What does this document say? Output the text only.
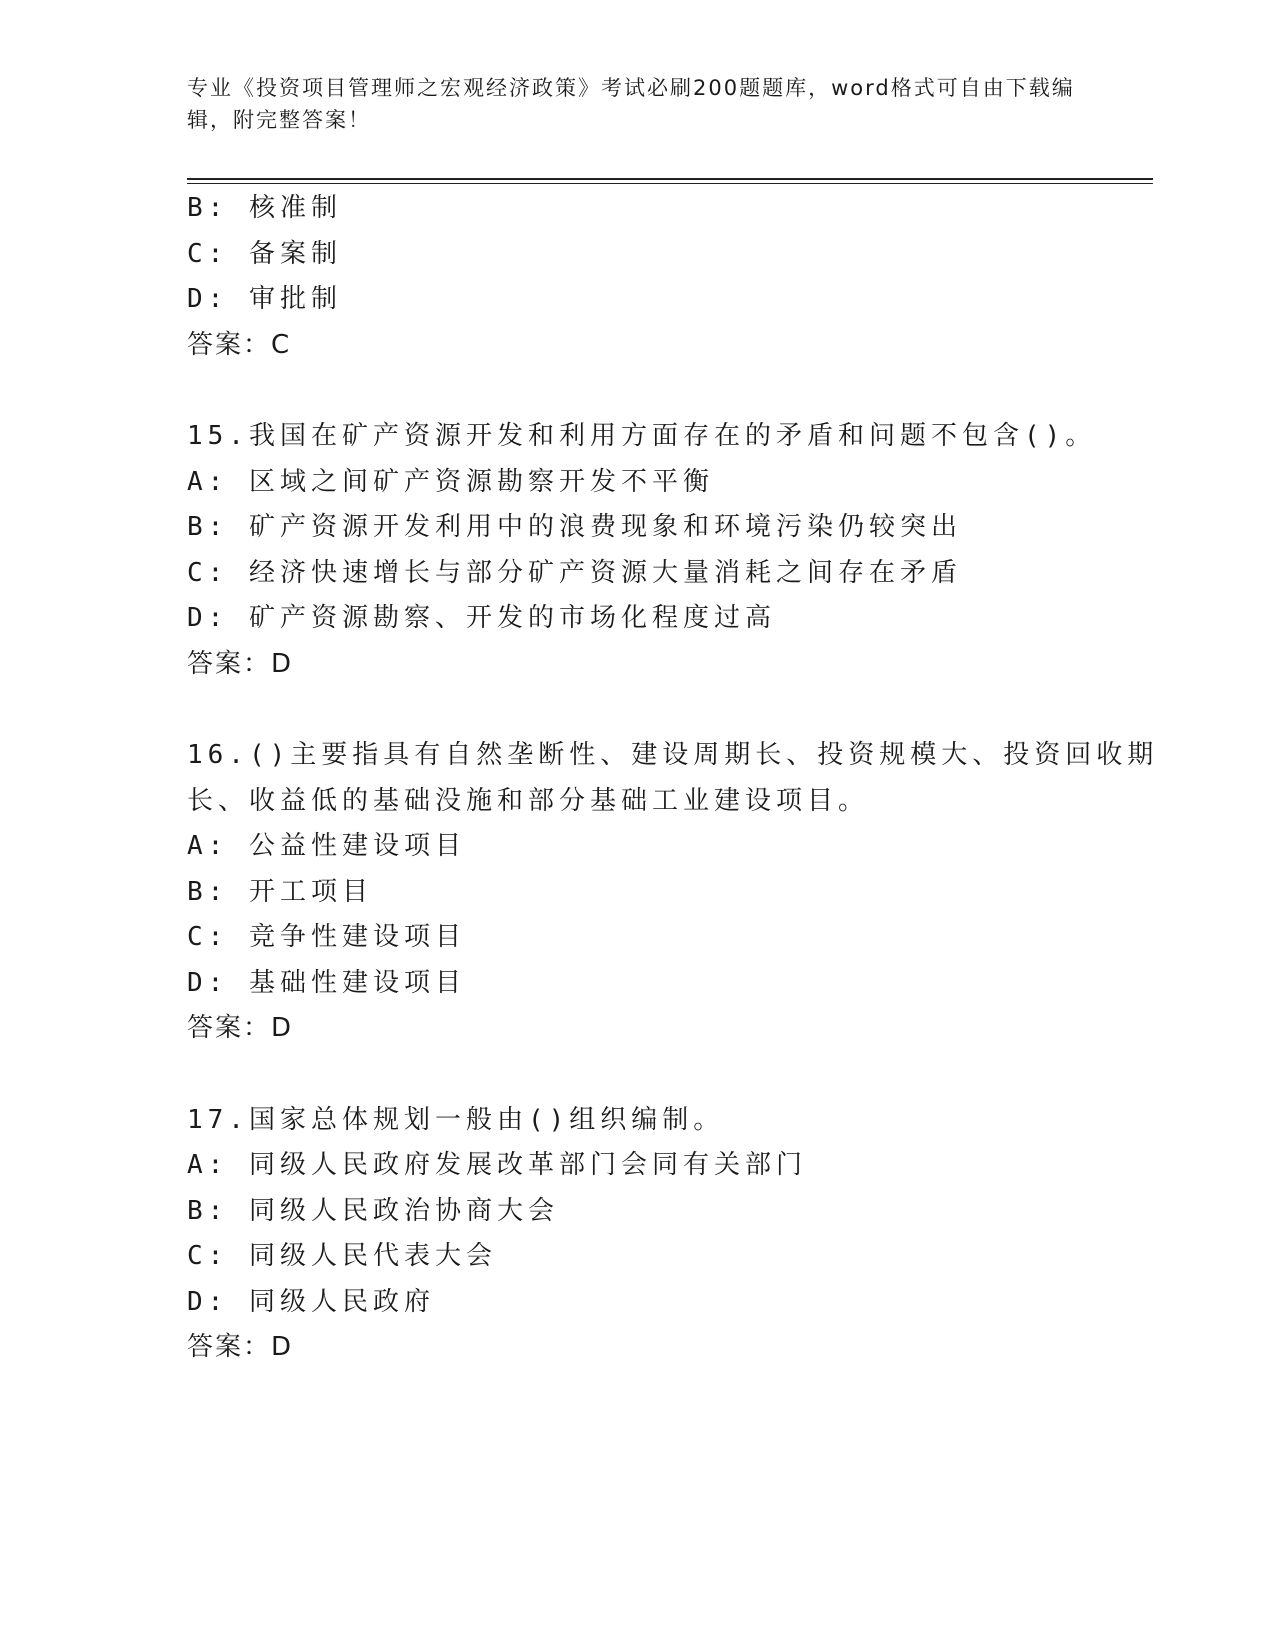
专业《投资项目管理师之宏观经济政策》考试必刷200题题库，word格式可自由下载编辑，附完整答案！
B: 核准制
C: 备案制
D: 审批制
答案：C
15.我国在矿产资源开发和利用方面存在的矛盾和问题不包含()。
A: 区域之间矿产资源勘察开发不平衡
B: 矿产资源开发利用中的浪费现象和环境污染仍较突出
C: 经济快速增长与部分矿产资源大量消耗之间存在矛盾
D: 矿产资源勘察、开发的市场化程度过高
答案：D
16.()主要指具有自然垄断性、建设周期长、投资规模大、投资回收期
长、收益低的基础没施和部分基础工业建设项目。
A: 公益性建设项目
B: 开工项目
C: 竞争性建设项目
D: 基础性建设项目
答案：D
17.国家总体规划一般由()组织编制。
A: 同级人民政府发展改革部门会同有关部门
B: 同级人民政治协商大会
C: 同级人民代表大会
D: 同级人民政府
答案：D
